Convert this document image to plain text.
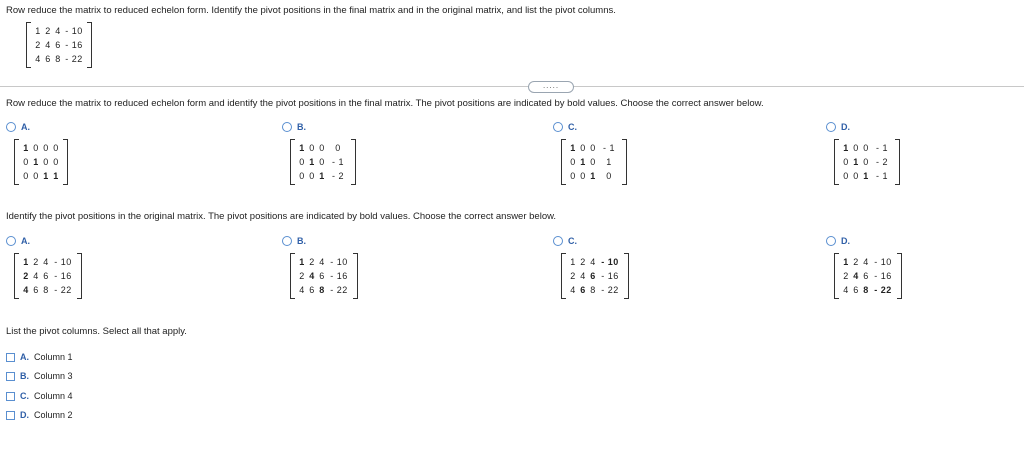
Row reduce the matrix to reduced echelon form. Identify the pivot positions in the final matrix and in the original matrix, and list the pivot columns.
1 2 4 - 10
2 4 6 - 16
4 6 8 - 22
.....
Row reduce the matrix to reduced echelon form and identify the pivot positions in the final matrix. The pivot positions are indicated by bold values. Choose the correct answer below.
A.	B.	C.	D.
1 0 0 0
0 1 0 0
0 0 1 1
1 0 0	0
0 1 0 - 1
0 0 1 - 2
1 0 0 - 1
0 1 0	1
0 0 1	0
1 0 0 - 1
0 1 0 - 2
0 0 1 - 1
Identify the pivot positions in the original matrix. The pivot positions are indicated by bold values. Choose the correct answer below.
A.	B.	C.	D.
1 2 4 - 10
2 4 6 - 16
4 6 8 - 22
1 2 4 - 10
2 4 6 - 16
4 6 8 - 22
1 2 4 - 10
2 4 6 - 16
4 6 8 - 22
1 2 4 - 10
2 4 6 - 16
4 6 8 - 22
List the pivot columns. Select all that apply.
A. Column 1
B. Column 3
C. Column 4
D. Column 2
